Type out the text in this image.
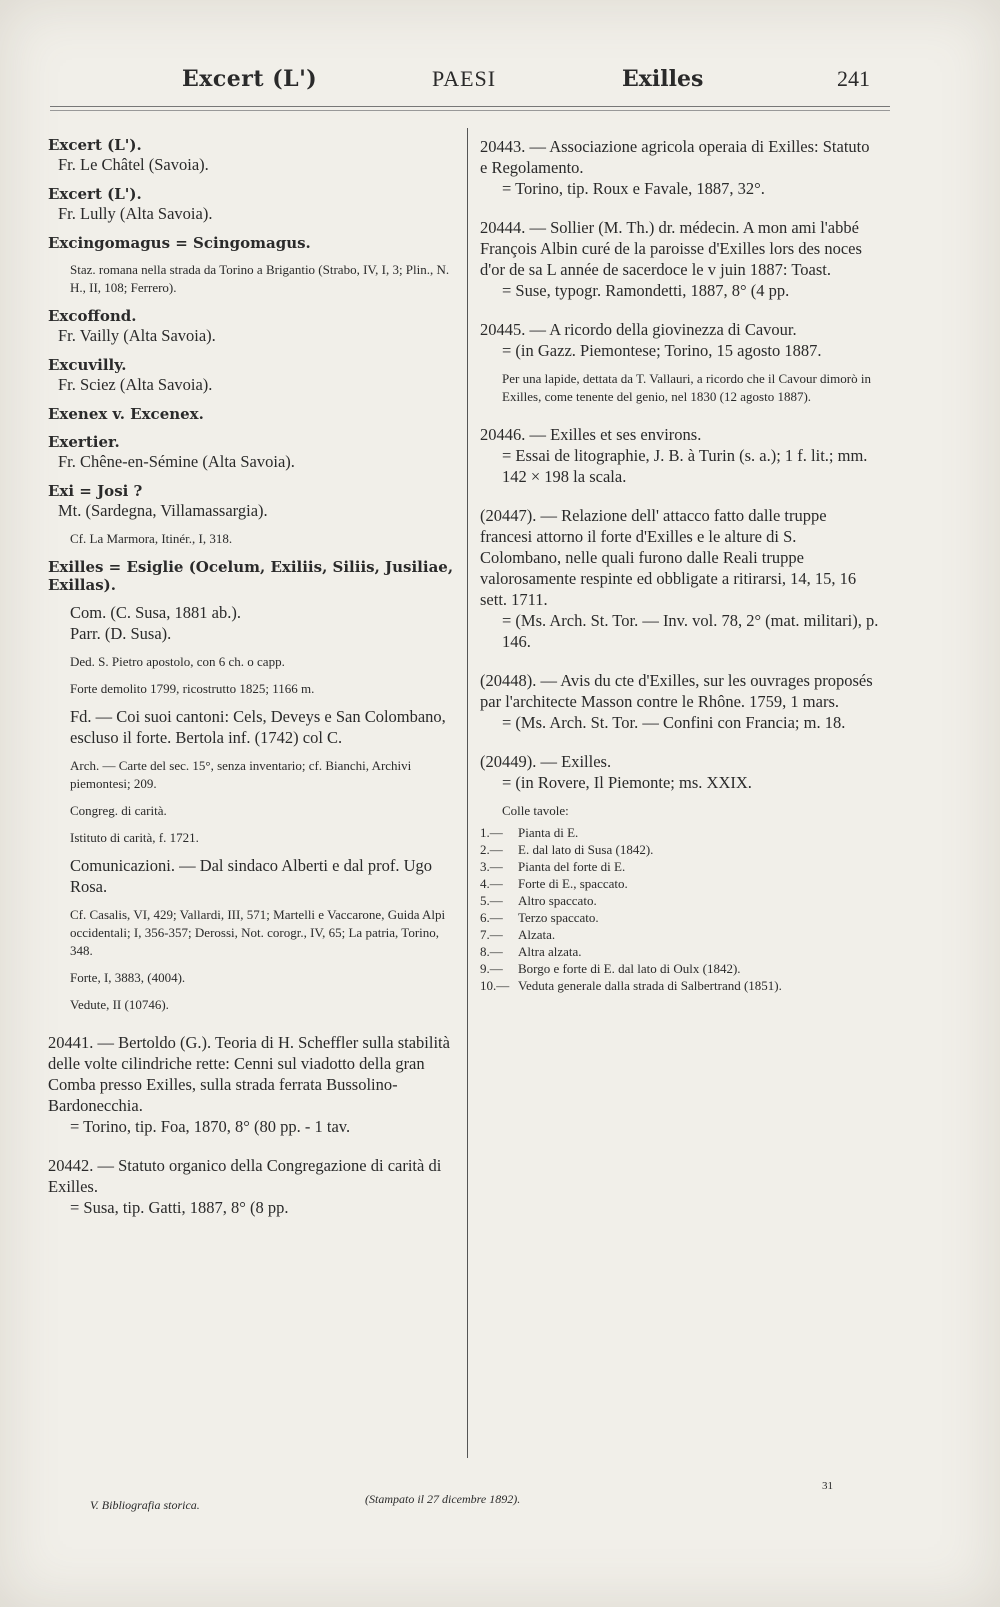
Excert (L')	PAESI	Exilles	241

Excert (L').

Fr. Le Châtel (Savoia).

Excert (L').

Fr. Lully (Alta Savoia).

Excingomagus = Scingomagus.

Staz. romana nella strada da Torino a Brigantio (Strabo, IV, I, 3; Plin., N. H., II, 108; Ferrero).

Excoffond.

Fr. Vailly (Alta Savoia).

Excuvilly.

Fr. Sciez (Alta Savoia).

Exenex v. Excenex.

Exertier.

Fr. Chêne-en-Sémine (Alta Savoia).

Exi = Josi ?

Mt. (Sardegna, Villamassargia).

Cf. La Marmora, Itinér., I, 318.

Exilles = Esiglie (Ocelum, Exiliis, Siliis, Jusiliae, Exillas).

Com. (C. Susa, 1881 ab.).

Parr. (D. Susa).

Ded. S. Pietro apostolo, con 6 ch. o capp.

Forte demolito 1799, ricostrutto 1825; 1166 m.

Fd. — Coi suoi cantoni: Cels, Deveys e San Colombano, escluso il forte. Bertola inf. (1742) col C.

Arch. — Carte del sec. 15°, senza inventario; cf. Bianchi, Archivi piemontesi; 209.

Congreg. di carità.

Istituto di carità, f. 1721.

Comunicazioni. — Dal sindaco Alberti e dal prof. Ugo Rosa.

Cf. Casalis, VI, 429; Vallardi, III, 571; Martelli e Vaccarone, Guida Alpi occidentali; I, 356-357; Derossi, Not. corogr., IV, 65; La patria, Torino, 348.

Forte, I, 3883, (4004).

Vedute, II (10746).

20441. — Bertoldo (G.). Teoria di H. Scheffler sulla stabilità delle volte cilindriche rette: Cenni sul viadotto della gran Comba presso Exilles, sulla strada ferrata Bussolino-Bardonecchia.

= Torino, tip. Foa, 1870, 8° (80 pp. - 1 tav.

20442. — Statuto organico della Congregazione di carità di Exilles.

= Susa, tip. Gatti, 1887, 8° (8 pp.

20443. — Associazione agricola operaia di Exilles: Statuto e Regolamento.

= Torino, tip. Roux e Favale, 1887, 32°.

20444. — Sollier (M. Th.) dr. médecin. A mon ami l'abbé François Albin curé de la paroisse d'Exilles lors des noces d'or de sa L année de sacerdoce le v juin 1887: Toast.

= Suse, typogr. Ramondetti, 1887, 8° (4 pp.

20445. — A ricordo della giovinezza di Cavour.

= (in Gazz. Piemontese; Torino, 15 agosto 1887.

Per una lapide, dettata da T. Vallauri, a ricordo che il Cavour dimorò in Exilles, come tenente del genio, nel 1830 (12 agosto 1887).

20446. — Exilles et ses environs.

= Essai de litographie, J. B. à Turin (s. a.); 1 f. lit.; mm. 142 × 198 la scala.

(20447). — Relazione dell' attacco fatto dalle truppe francesi attorno il forte d'Exilles e le alture di S. Colombano, nelle quali furono dalle Reali truppe valorosamente respinte ed obbligate a ritirarsi, 14, 15, 16 sett. 1711.

= (Ms. Arch. St. Tor. — Inv. vol. 78, 2° (mat. militari), p. 146.

(20448). — Avis du cte d'Exilles, sur les ouvrages proposés par l'architecte Masson contre le Rhône. 1759, 1 mars.

= (Ms. Arch. St. Tor. — Confini con Francia; m. 18.

(20449). — Exilles.

= (in Rovere, Il Piemonte; ms. XXIX.

Colle tavole:

1.—	Pianta di E.
2.—	E. dal lato di Susa (1842).
3.—	Pianta del forte di E.
4.—	Forte di E., spaccato.
5.—	Altro spaccato.
6.—	Terzo spaccato.
7.—	Alzata.
8.—	Altra alzata.
9.—	Borgo e forte di E. dal lato di Oulx (1842).
10.— Veduta generale dalla strada di Salbertrand (1851).
V. Bibliografia storica.	(Stampato il 27 dicembre 1892).
31
